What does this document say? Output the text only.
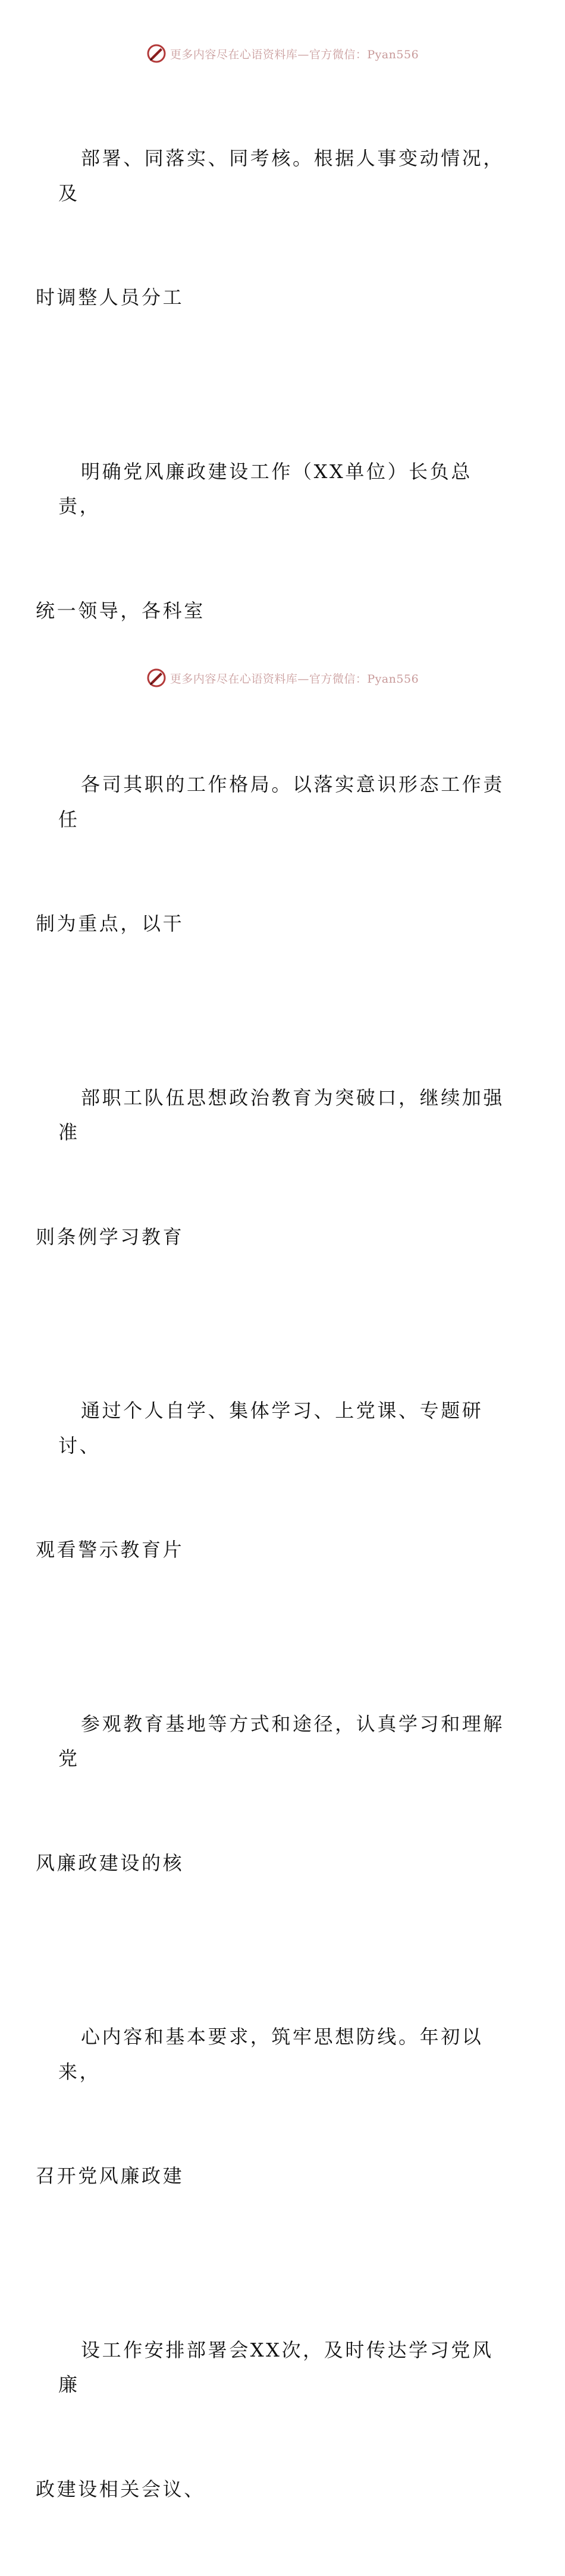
更多内容尽在心语资料库—官方微信：Pyan556

部署、同落实、同考核。根据人事变动情况，及

时调整人员分工

明确党风廉政建设工作（XX单位）长负总责，

统一领导，各科室

各司其职的工作格局。以落实意识形态工作责任

制为重点，以干

部职工队伍思想政治教育为突破口，继续加强准

则条例学习教育

通过个人自学、集体学习、上党课、专题研讨、

观看警示教育片

参观教育基地等方式和途径，认真学习和理解党

风廉政建设的核

心内容和基本要求，筑牢思想防线。年初以来，

召开党风廉政建

设工作安排部署会XX次，及时传达学习党风廉

政建设相关会议、

更多内容尽在心语资料库—官方微信：Pyan556
